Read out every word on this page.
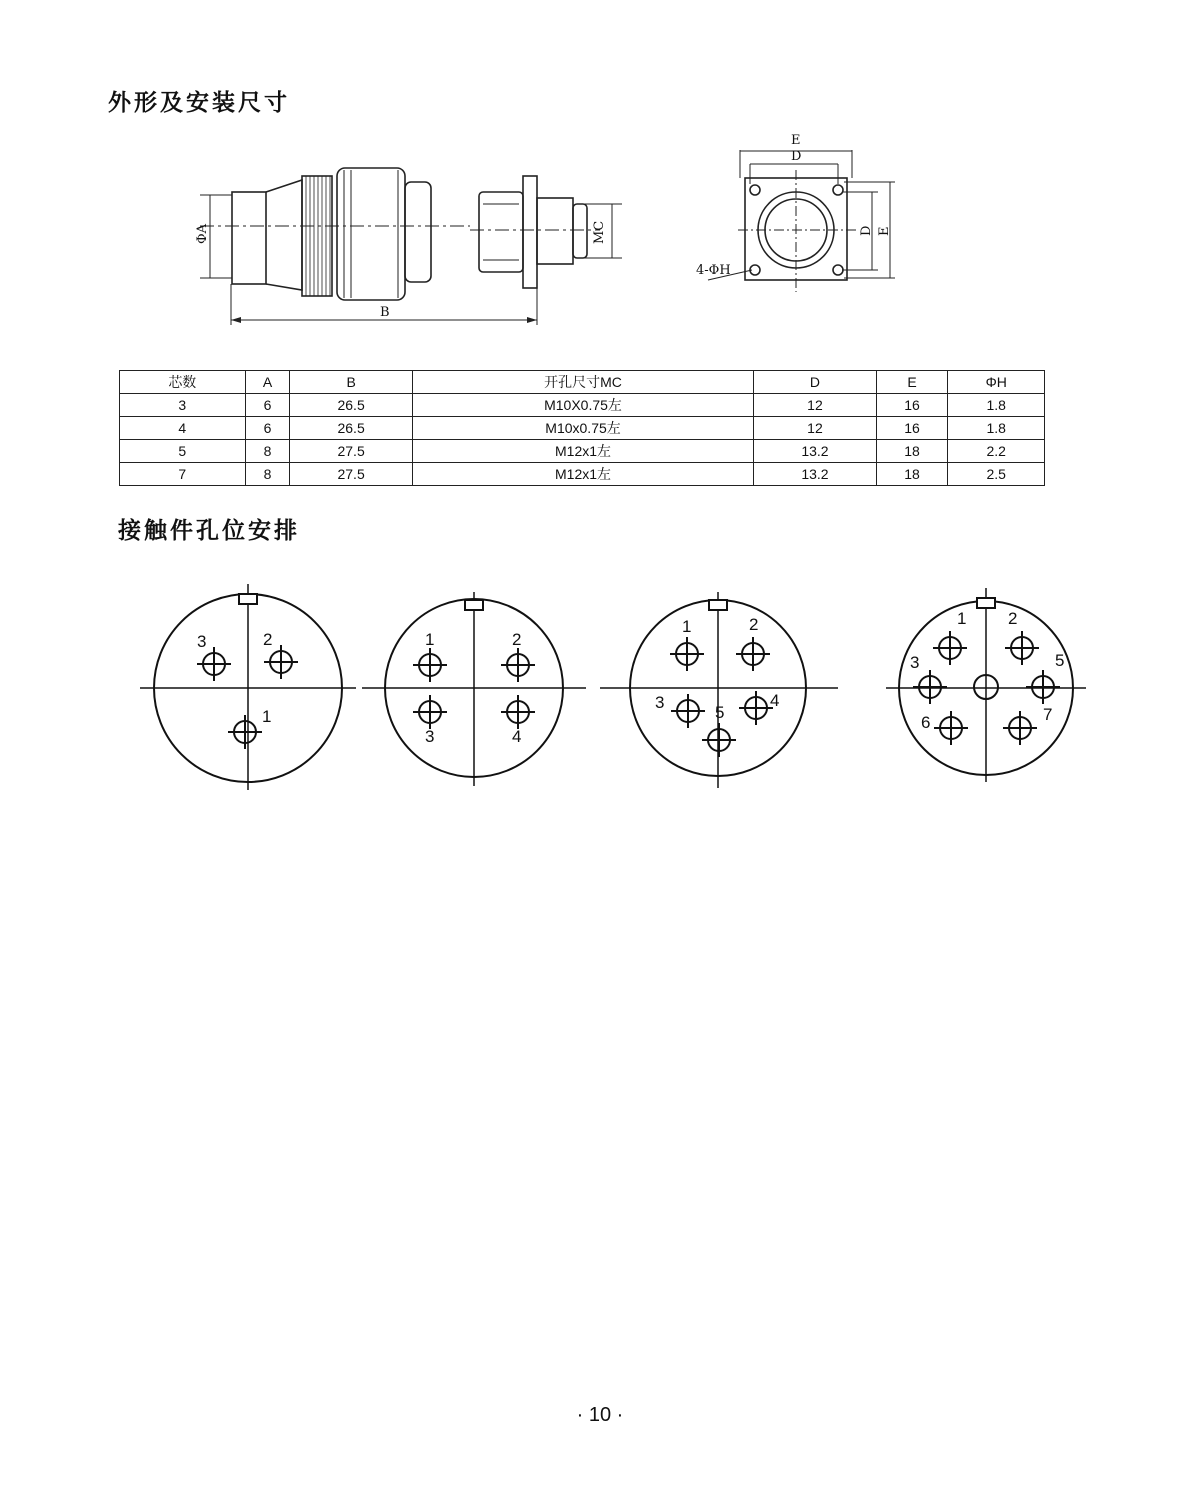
外形及安装尺寸
ΦA
B
MC
E
D
D E
4-ΦH
芯数	A	B	开孔尺寸MC	D	E	ΦH
3	6	26.5	M10X0.75左	12	16	1.8
4	6	26.5	M10x0.75左	12	16	1.8
5	8	27.5	M12x1左	13.2	18	2.2
7	8	27.5	M12x1左	13.2	18	2.5
接触件孔位安排
3	2
1
1	2
3	4
1	2
3	4
5
1 2
3	5
6	7
· 10 ·
